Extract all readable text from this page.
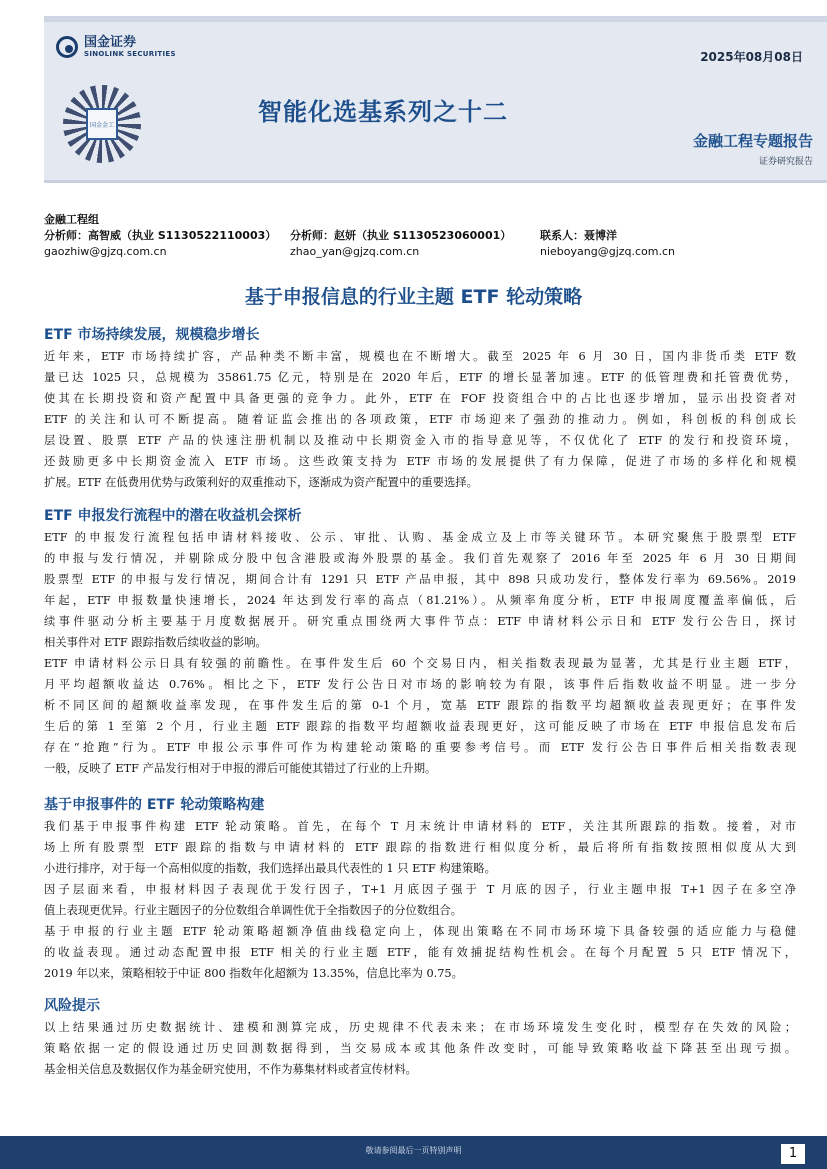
国金证券
SINOLINK SECURITIES
国金金工
2025年08月08日
智能化选基系列之十二
金融工程专题报告
证券研究报告
金融工程组
分析师：高智威（执业 S1130522110003） 分析师：赵妍（执业 S1130523060001）	联系人：聂博洋
gaozhiw@gjzq.com.cn	zhao_yan@gjzq.com.cn	nieboyang@gjzq.com.cn
基于申报信息的行业主题 ETF 轮动策略
ETF 市场持续发展，规模稳步增长
近年来，ETF 市场持续扩容，产品种类不断丰富，规模也在不断增大。截至 2025 年 6 月 30 日，国内非货币类 ETF 数
量已达 1025 只，总规模为 35861.75 亿元，特别是在 2020 年后，ETF 的增长显著加速。ETF 的低管理费和托管费优势，
使其在长期投资和资产配置中具备更强的竞争力。此外，ETF 在 FOF 投资组合中的占比也逐步增加，显示出投资者对
ETF 的关注和认可不断提高。随着证监会推出的各项政策，ETF 市场迎来了强劲的推动力。例如，科创板的科创成长
层设置、股票 ETF 产品的快速注册机制以及推动中长期资金入市的指导意见等，不仅优化了 ETF 的发行和投资环境，
还鼓励更多中长期资金流入 ETF 市场。这些政策支持为 ETF 市场的发展提供了有力保障，促进了市场的多样化和规模
扩展。ETF 在低费用优势与政策利好的双重推动下，逐渐成为资产配置中的重要选择。
ETF 申报发行流程中的潜在收益机会探析
ETF 的申报发行流程包括申请材料接收、公示、审批、认购、基金成立及上市等关键环节。本研究聚焦于股票型 ETF
的申报与发行情况，并剔除成分股中包含港股或海外股票的基金。我们首先观察了 2016 年至 2025 年 6 月 30 日期间
股票型 ETF 的申报与发行情况，期间合计有 1291 只 ETF 产品申报，其中 898 只成功发行，整体发行率为 69.56%。2019
年起，ETF 申报数量快速增长，2024 年达到发行率的高点（81.21%）。从频率角度分析，ETF 申报周度覆盖率偏低，后
续事件驱动分析主要基于月度数据展开。研究重点围绕两大事件节点：ETF 申请材料公示日和 ETF 发行公告日，探讨
相关事件对 ETF 跟踪指数后续收益的影响。
ETF 申请材料公示日具有较强的前瞻性。在事件发生后 60 个交易日内，相关指数表现最为显著，尤其是行业主题 ETF，
月平均超额收益达 0.76%。相比之下，ETF 发行公告日对市场的影响较为有限，该事件后指数收益不明显。进一步分
析不同区间的超额收益率发现，在事件发生后的第 0-1 个月，宽基 ETF 跟踪的指数平均超额收益表现更好；在事件发
生后的第 1 至第 2 个月，行业主题 ETF 跟踪的指数平均超额收益表现更好，这可能反映了市场在 ETF 申报信息发布后
存在“抢跑”行为。ETF 申报公示事件可作为构建轮动策略的重要参考信号。而 ETF 发行公告日事件后相关指数表现
一般，反映了 ETF 产品发行相对于申报的滞后可能使其错过了行业的上升期。
基于申报事件的 ETF 轮动策略构建
我们基于申报事件构建 ETF 轮动策略。首先，在每个 T 月末统计申请材料的 ETF，关注其所跟踪的指数。接着，对市
场上所有股票型 ETF 跟踪的指数与申请材料的 ETF 跟踪的指数进行相似度分析，最后将所有指数按照相似度从大到
小进行排序，对于每一个高相似度的指数，我们选择出最具代表性的 1 只 ETF 构建策略。
因子层面来看，申报材料因子表现优于发行因子，T+1 月底因子强于 T 月底的因子，行业主题申报 T+1 因子在多空净
值上表现更优异。行业主题因子的分位数组合单调性优于全指数因子的分位数组合。
基于申报的行业主题 ETF 轮动策略超额净值曲线稳定向上，体现出策略在不同市场环境下具备较强的适应能力与稳健
的收益表现。通过动态配置申报 ETF 相关的行业主题 ETF，能有效捕捉结构性机会。在每个月配置 5 只 ETF 情况下，
2019 年以来，策略相较于中证 800 指数年化超额为 13.35%，信息比率为 0.75。
风险提示
以上结果通过历史数据统计、建模和测算完成，历史规律不代表未来；在市场环境发生变化时，模型存在失效的风险；
策略依据一定的假设通过历史回测数据得到，当交易成本或其他条件改变时，可能导致策略收益下降甚至出现亏损。
基金相关信息及数据仅作为基金研究使用，不作为募集材料或者宣传材料。
敬请参阅最后一页特别声明	1
